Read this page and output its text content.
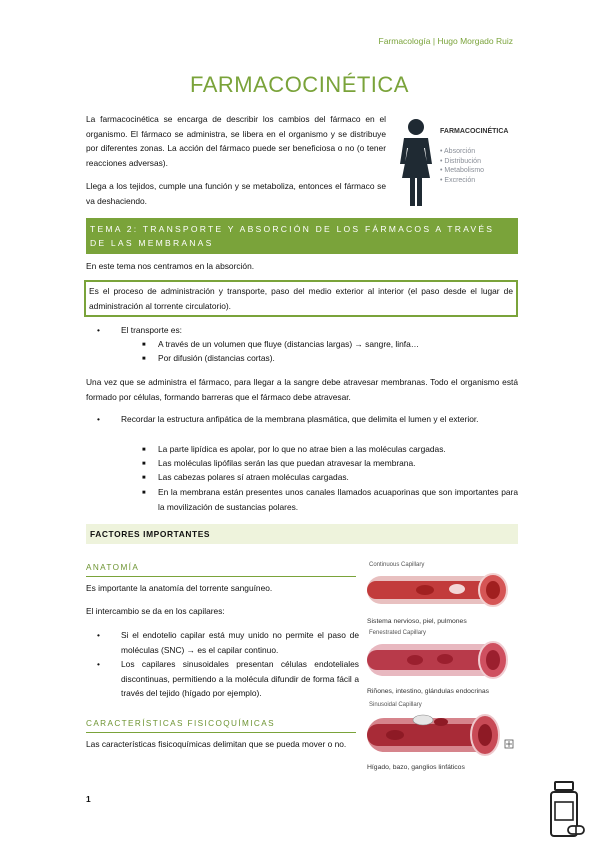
Farmacología | Hugo Morgado Ruiz
FARMACOCINÉTICA
La farmacocinética se encarga de describir los cambios del fármaco en el organismo. El fármaco se administra, se libera en el organismo y se distribuye por diferentes zonas. La acción del fármaco puede ser beneficiosa o no (o tener reacciones adversas).
Llega a los tejidos, cumple una función y se metaboliza, entonces el fármaco se va deshaciendo.
FARMACOCINÉTICA
• Absorción
• Distribución
• Metabolismo
• Excreción
TEMA 2: TRANSPORTE Y ABSORCIÓN DE LOS FÁRMACOS A TRAVÉS DE LAS MEMBRANAS
En este tema nos centramos en la absorción.
Es el proceso de administración y transporte, paso del medio exterior al interior (el paso desde el lugar de administración al torrente circulatorio).
•	El transporte es:
■ A través de un volumen que fluye (distancias largas) → sangre, linfa…
■ Por difusión (distancias cortas).
Una vez que se administra el fármaco, para llegar a la sangre debe atravesar membranas. Todo el organismo está formado por células, formando barreras que el fármaco debe atravesar.
•	Recordar la estructura anfipática de la membrana plasmática, que delimita el lumen y el exterior.
■ La parte lipídica es apolar, por lo que no atrae bien a las moléculas cargadas.
■ Las moléculas lipófilas serán las que puedan atravesar la membrana.
■ Las cabezas polares sí atraen moléculas cargadas.
■ En la membrana están presentes unos canales llamados acuaporinas que son importantes para la movilización de sustancias polares.
FACTORES IMPORTANTES
ANATOMÍA
Es importante la anatomía del torrente sanguíneo.
El intercambio se da en los capilares:
•	Si el endotelio capilar está muy unido no permite el paso de moléculas (SNC) → es el capilar continuo.
•	Los capilares sinusoidales presentan células endoteliales discontinuas, permitiendo a la molécula difundir de forma fácil a través del tejido (hígado por ejemplo).
CARACTERÍSTICAS FISICOQUÍMICAS
Las características fisicoquímicas delimitan que se pueda mover o no.
Continuous Capillary
Sistema nervioso, piel, pulmones
Fenestrated Capillary
Riñones, intestino, glándulas endocrinas
Sinusoidal Capillary
Hígado, bazo, ganglios linfáticos
1
